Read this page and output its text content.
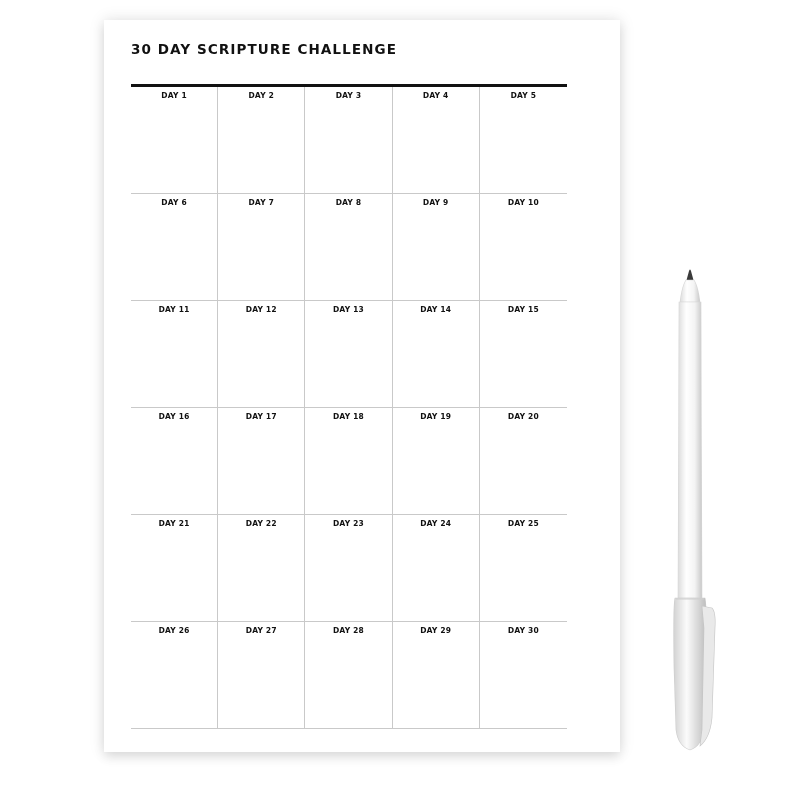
30 DAY SCRIPTURE CHALLENGE
DAY 1	DAY 2	DAY 3	DAY 4	DAY 5
DAY 6	DAY 7	DAY 8	DAY 9	DAY 10
DAY 11	DAY 12	DAY 13	DAY 14	DAY 15
DAY 16	DAY 17	DAY 18	DAY 19	DAY 20
DAY 21	DAY 22	DAY 23	DAY 24	DAY 25
DAY 26	DAY 27	DAY 28	DAY 29	DAY 30
